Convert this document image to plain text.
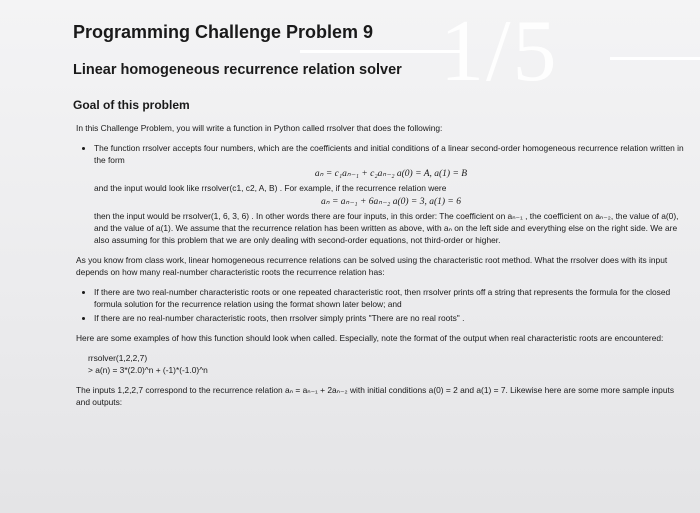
1/5
Programming Challenge Problem 9
Linear homogeneous recurrence relation solver
Goal of this problem

In this Challenge Problem, you will write a function in Python called rrsolver that does the following:

• The function rrsolver accepts four numbers, which are the coefficients and initial conditions of a linear second-order homogeneous recurrence relation written in the form
aₙ = c₁aₙ₋₁ + c₂aₙ₋₂ a(0) = A, a(1) = B
and the input would look like rrsolver(c1, c2, A, B) . For example, if the recurrence relation were
aₙ = aₙ₋₁ + 6aₙ₋₂ a(0) = 3, a(1) = 6
then the input would be rrsolver(1, 6, 3, 6) . In other words there are four inputs, in this order: The coefficient on aₙ₋₁ , the coefficient on aₙ₋₂, the value of a(0), and the value of a(1). We assume that the recurrence relation has been written as above, with aₙ on the left side and everything else on the right side. We are also assuming for this problem that we are only dealing with second-order equations, not third-order or higher.

As you know from class work, linear homogeneous recurrence relations can be solved using the characteristic root method. What the rrsolver does with its input depends on how many real-number characteristic roots the recurrence relation has:

• If there are two real-number characteristic roots or one repeated characteristic root, then rrsolver prints off a string that represents the formula for the closed formula solution for the recurrence relation using the format shown later below; and
• If there are no real-number characteristic roots, then rrsolver simply prints "There are no real roots" .

Here are some examples of how this function should look when called. Especially, note the format of the output when real characteristic roots are encountered:

rrsolver(1,2,2,7)
> a(n) = 3*(2.0)^n + (-1)*(-1.0)^n

The inputs 1,2,2,7 correspond to the recurrence relation aₙ = aₙ₋₁ + 2aₙ₋₂ with initial conditions a(0) = 2 and a(1) = 7. Likewise here are some more sample inputs and outputs:
